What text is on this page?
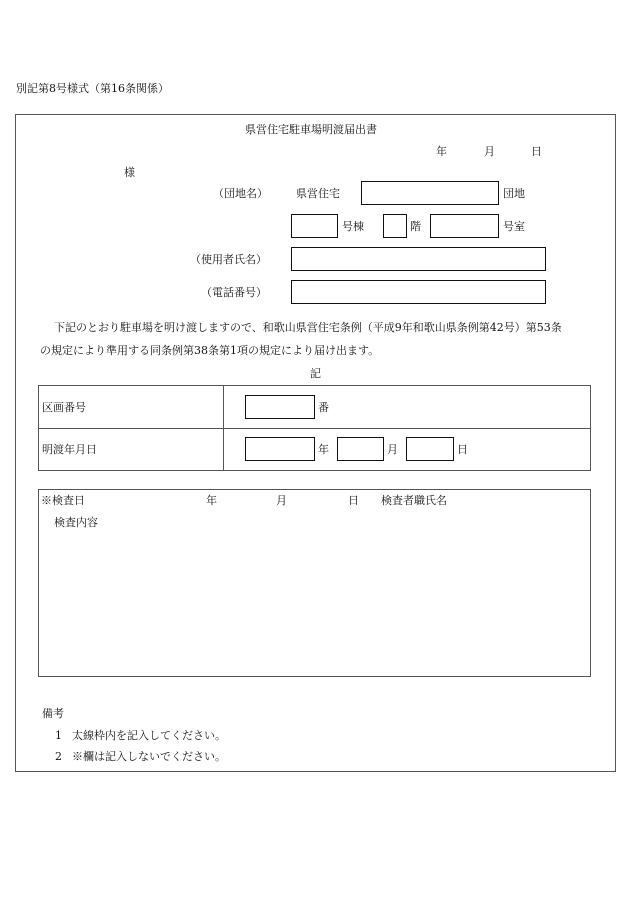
別記第8号様式（第16条関係）
県営住宅駐車場明渡届出書
年	月	日
様
（団地名）	県営住宅	団地
号棟	階	号室
（使用者氏名）
（電話番号）
下記のとおり駐車場を明け渡しますので、和歌山県営住宅条例（平成9年和歌山県条例第42号）第53条
の規定により準用する同条例第38条第1項の規定により届け出ます。
記
区画番号	番
明渡年月日	年	月	日
※検査日	年	月	日 検査者職氏名
検査内容
備考
1 太線枠内を記入してください。
2 ※欄は記入しないでください。
